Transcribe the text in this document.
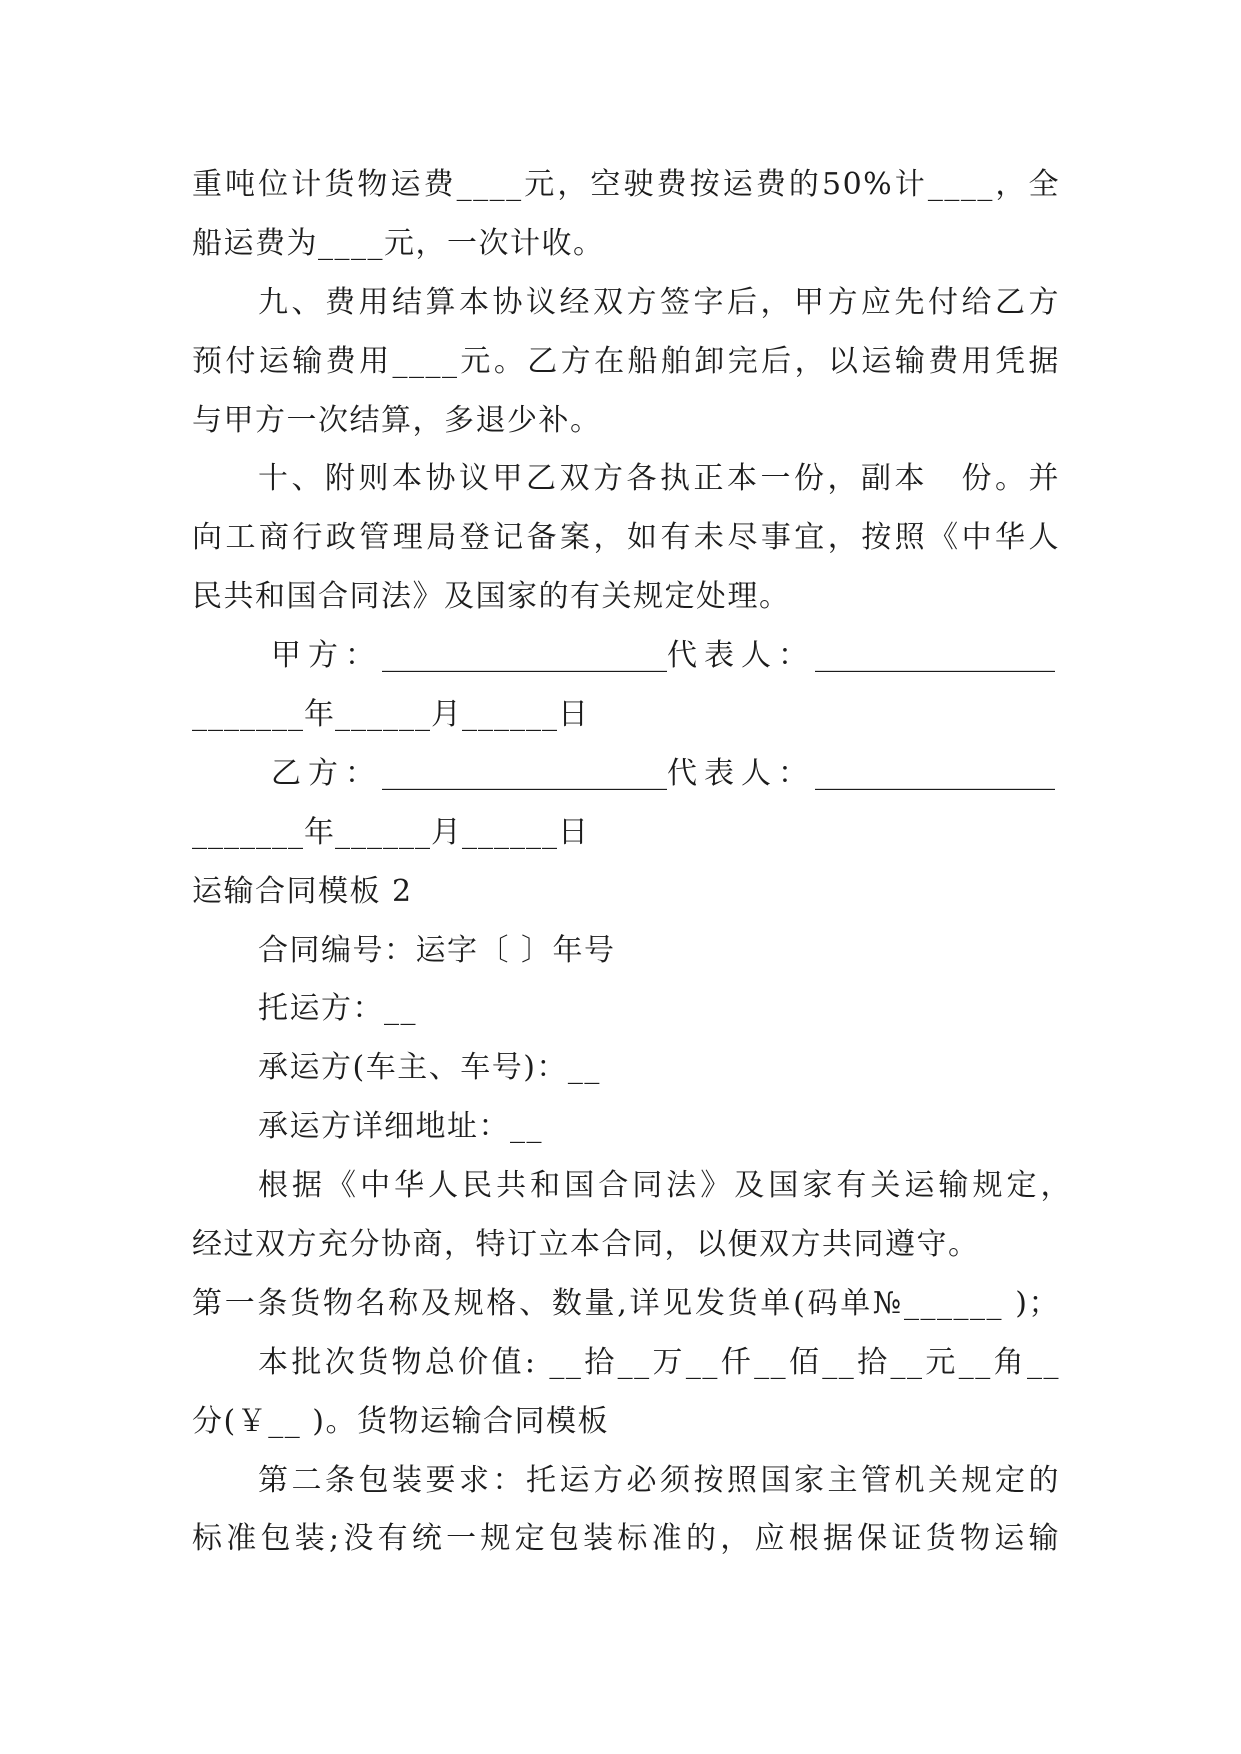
重吨位计货物运费____元，空驶费按运费的50%计____，全
船运费为____元，一次计收。
九、费用结算本协议经双方签字后，甲方应先付给乙方
预付运输费用____元。乙方在船舶卸完后，以运输费用凭据
与甲方一次结算，多退少补。
十、附则本协议甲乙双方各执正本一份，副本　份。并
向工商行政管理局登记备案，如有未尽事宜，按照《中华人
民共和国合同法》及国家的有关规定处理。
甲方： ___________________ 代表人： ________________
_______年______月______日
乙方： ___________________ 代表人： ________________
_______年______月______日
运输合同模板 2
合同编号：运字〔 〕年号
托运方：__
承运方(车主、车号)：__
承运方详细地址：__
根据《中华人民共和国合同法》及国家有关运输规定，
经过双方充分协商，特订立本合同，以便双方共同遵守。
第一条货物名称及规格、数量,详见发货单(码单№______ )；
本批次货物总价值: __拾__万__仟__佰__拾__元__角__
分(￥__ )。货物运输合同模板
第二条包装要求：托运方必须按照国家主管机关规定的
标准包装;没有统一规定包装标准的，应根据保证货物运输
